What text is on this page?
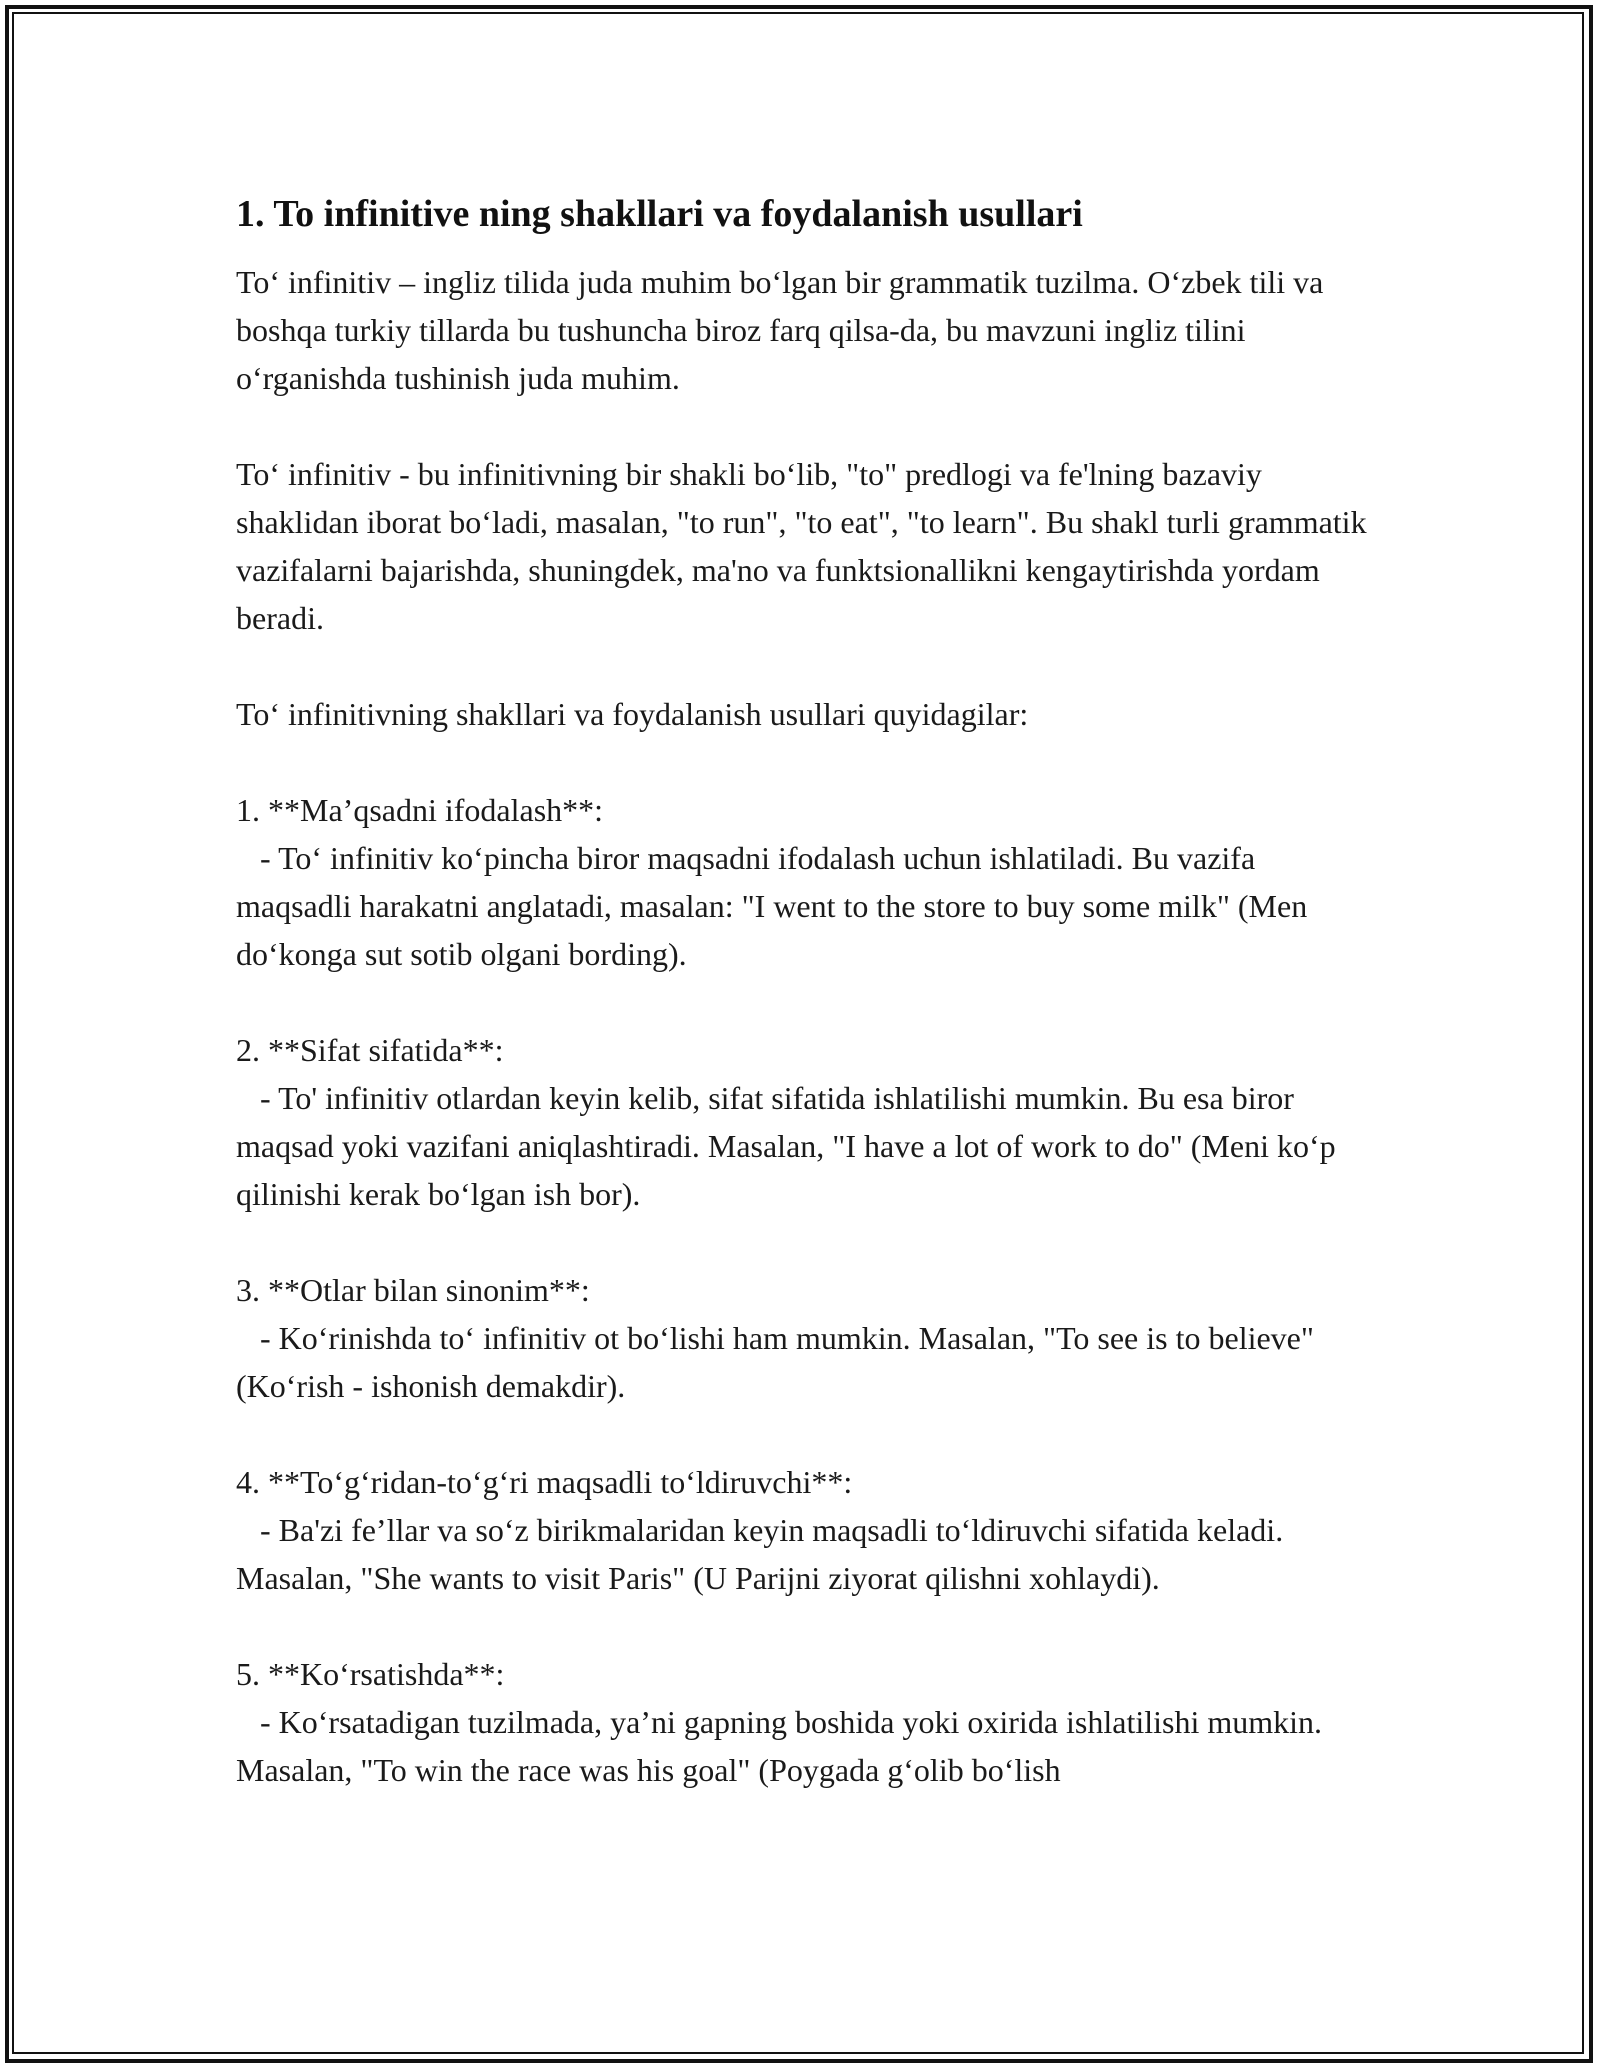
1. To infinitive ning shakllari va foydalanish usullari

To‘ infinitiv – ingliz tilida juda muhim bo‘lgan bir grammatik tuzilma. O‘zbek tili va boshqa turkiy tillarda bu tushuncha biroz farq qilsa-da, bu mavzuni ingliz tilini o‘rganishda tushinish juda muhim.

To‘ infinitiv - bu infinitivning bir shakli bo‘lib, "to" predlogi va fe'lning bazaviy shaklidan iborat bo‘ladi, masalan, "to run", "to eat", "to learn". Bu shakl turli grammatik vazifalarni bajarishda, shuningdek, ma'no va funktsionallikni kengaytirishda yordam beradi.

To‘ infinitivning shakllari va foydalanish usullari quyidagilar:

1. **Ma’qsadni ifodalash**:

- To‘ infinitiv ko‘pincha biror maqsadni ifodalash uchun ishlatiladi. Bu vazifa maqsadli harakatni anglatadi, masalan: "I went to the store to buy some milk" (Men do‘konga sut sotib olgani bording).

2. **Sifat sifatida**:

- To' infinitiv otlardan keyin kelib, sifat sifatida ishlatilishi mumkin. Bu esa biror maqsad yoki vazifani aniqlashtiradi. Masalan, "I have a lot of work to do" (Meni ko‘p qilinishi kerak bo‘lgan ish bor).

3. **Otlar bilan sinonim**:

- Ko‘rinishda to‘ infinitiv ot bo‘lishi ham mumkin. Masalan, "To see is to believe" (Ko‘rish - ishonish demakdir).

4. **To‘g‘ridan-to‘g‘ri maqsadli to‘ldiruvchi**:

- Ba'zi fe’llar va so‘z birikmalaridan keyin maqsadli to‘ldiruvchi sifatida keladi. Masalan, "She wants to visit Paris" (U Parijni ziyorat qilishni xohlaydi).

5. **Ko‘rsatishda**:

- Ko‘rsatadigan tuzilmada, ya’ni gapning boshida yoki oxirida ishlatilishi mumkin. Masalan, "To win the race was his goal" (Poygada g‘olib bo‘lish
